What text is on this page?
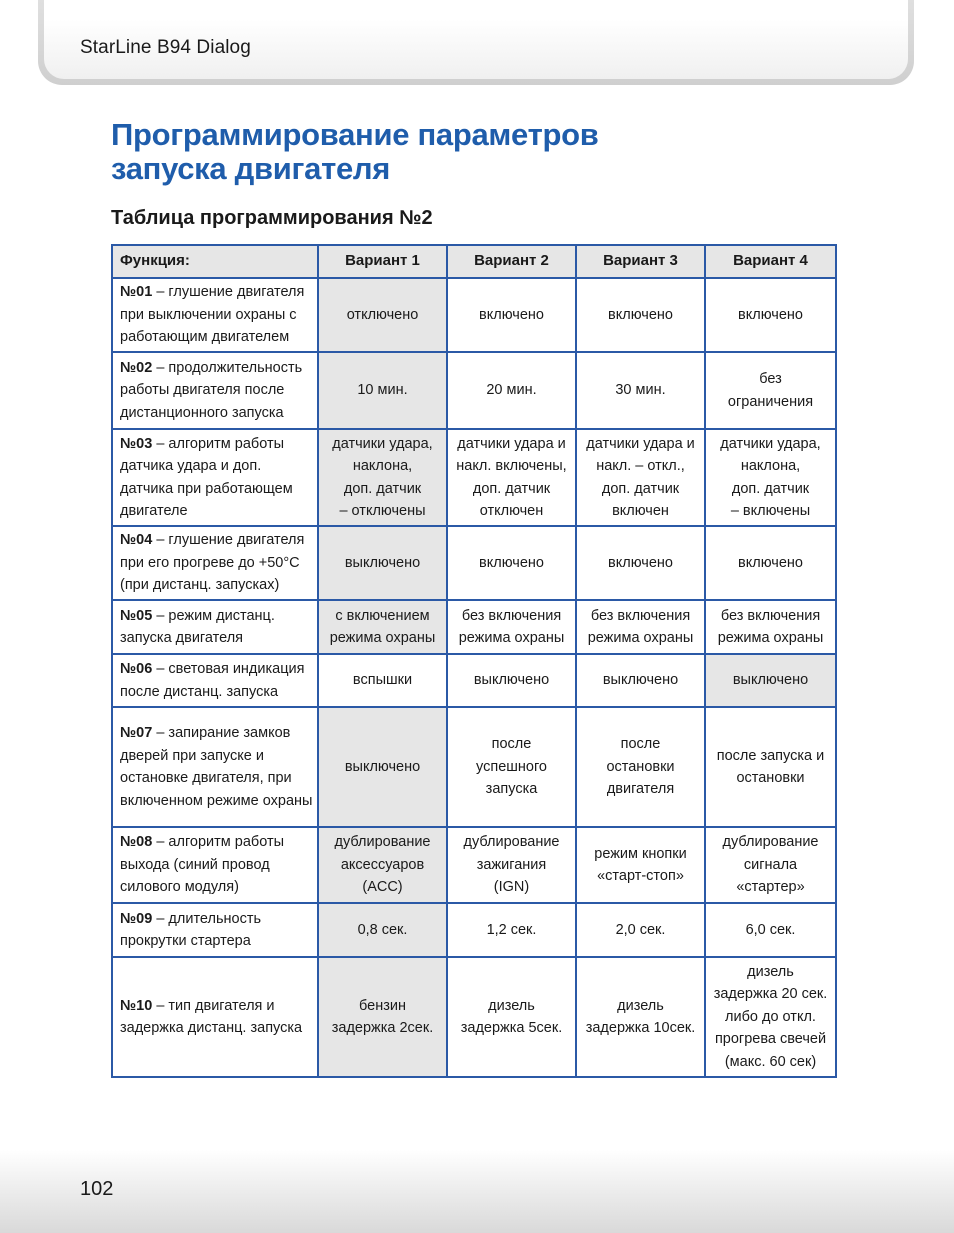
StarLine B94 Dialog
Программирование параметров
запуска двигателя
Таблица программирования №2
Функция:	Вариант 1	Вариант 2	Вариант 3	Вариант 4
№01 – глушение двигателя при выключении охраны с работающим двигателем	отключено	включено	включено	включено
№02 – продолжительность работы двигателя после дистанционного запуска	10 мин.	20 мин.	30 мин.	без
ограничения
№03 – алгоритм работы датчика удара и доп. датчика при работающем двигателе	датчики удара,
наклона,
доп. датчик
– отключены	датчики удара и
накл. включены,
доп. датчик
отключен	датчики удара и
накл. – откл.,
доп. датчик
включен	датчики удара,
наклона,
доп. датчик
– включены
№04 – глушение двигателя при его прогреве до +50°C (при дистанц. запусках)	выключено	включено	включено	включено
№05 – режим дистанц. запуска двигателя	с включением
режима охраны	без включения
режима охраны	без включения
режима охраны	без включения
режима охраны
№06 – световая индикация после дистанц. запуска	вспышки	выключено	выключено	выключено
№07 – запирание замков дверей при запуске и остановке двигателя, при включенном режиме охраны	выключено	после
успешного
запуска	после
остановки
двигателя	после запуска и
остановки
№08 – алгоритм работы выхода (синий провод силового модуля)	дублирование
аксессуаров
(ACC)	дублирование
зажигания
(IGN)	режим кнопки
«старт-стоп»	дублирование
сигнала
«стартер»
№09 – длительность прокрутки стартера	0,8 сек.	1,2 сек.	2,0 сек.	6,0 сек.
№10 – тип двигателя и задержка дистанц. запуска	бензин
задержка 2сек.	дизель
задержка 5сек.	дизель
задержка 10сек.	дизель
задержка 20 сек.
либо до откл.
прогрева свечей
(макс. 60 сек)
102
